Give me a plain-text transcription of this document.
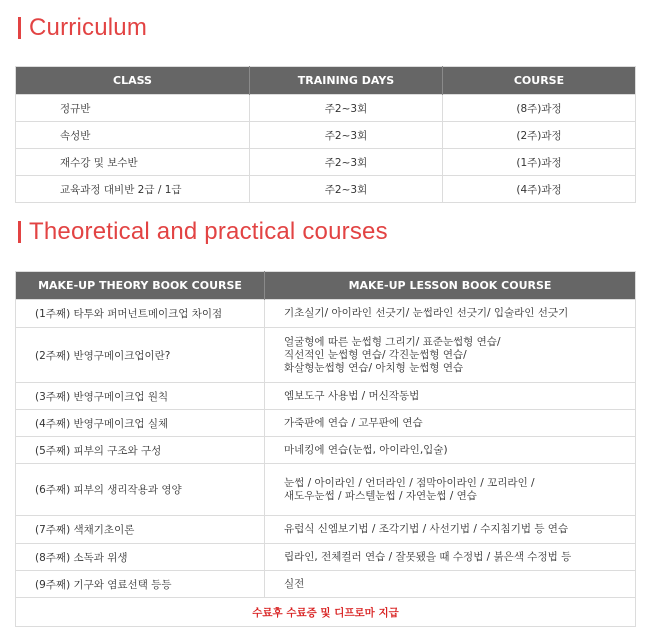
Curriculum
CLASS	TRAINING DAYS	COURSE
정규반	주2~3회	(8주)과정
속성반	주2~3회	(2주)과정
재수강 및 보수반	주2~3회	(1주)과정
교육과정 대비반 2급 / 1급	주2~3회	(4주)과정
Theoretical and practical courses
MAKE-UP THEORY BOOK COURSE	MAKE-UP LESSON BOOK COURSE
(1주째) 타투와 퍼머넌트메이크업 차이점	기초실기/ 아이라인 선긋기/ 눈썹라인 선긋기/ 입술라인 선긋기

(2주째) 반영구메이크업이란?	얼굴형에 따른 눈썹형 그리기/ 표준눈썹형 연습/
직선적인 눈썹형 연습/ 각진눈썹형 연습/
화살형눈썹형 연습/ 아치형 눈썹형 연습

(3주째) 반영구메이크업 원칙	엠보도구 사용법 / 머신작동법

(4주째) 반영구메이크업 실체	가죽판에 연습 / 고무판에 연습

(5주째) 피부의 구조와 구성	마네킹에 연습(눈썹, 아이라인,입술)

(6주째) 피부의 생리작용과 영양	눈썹 / 아이라인 / 언더라인 / 점막아이라인 / 꼬리라인 /
새도우눈썹 / 파스텔눈썹 / 자연눈썹 / 연습

(7주째) 색채기초이론	유럽식 신엠보기법 / 조각기법 / 사선기법 / 수지침기법 등 연습

(8주째) 소독과 위생	립라인, 전체컬러 연습 / 잘못됐을 때 수정법 / 붉은색 수정법 등

(9주째) 기구와 염료선택 등등	실전

수료후 수료증 및 디프로마 지급	
